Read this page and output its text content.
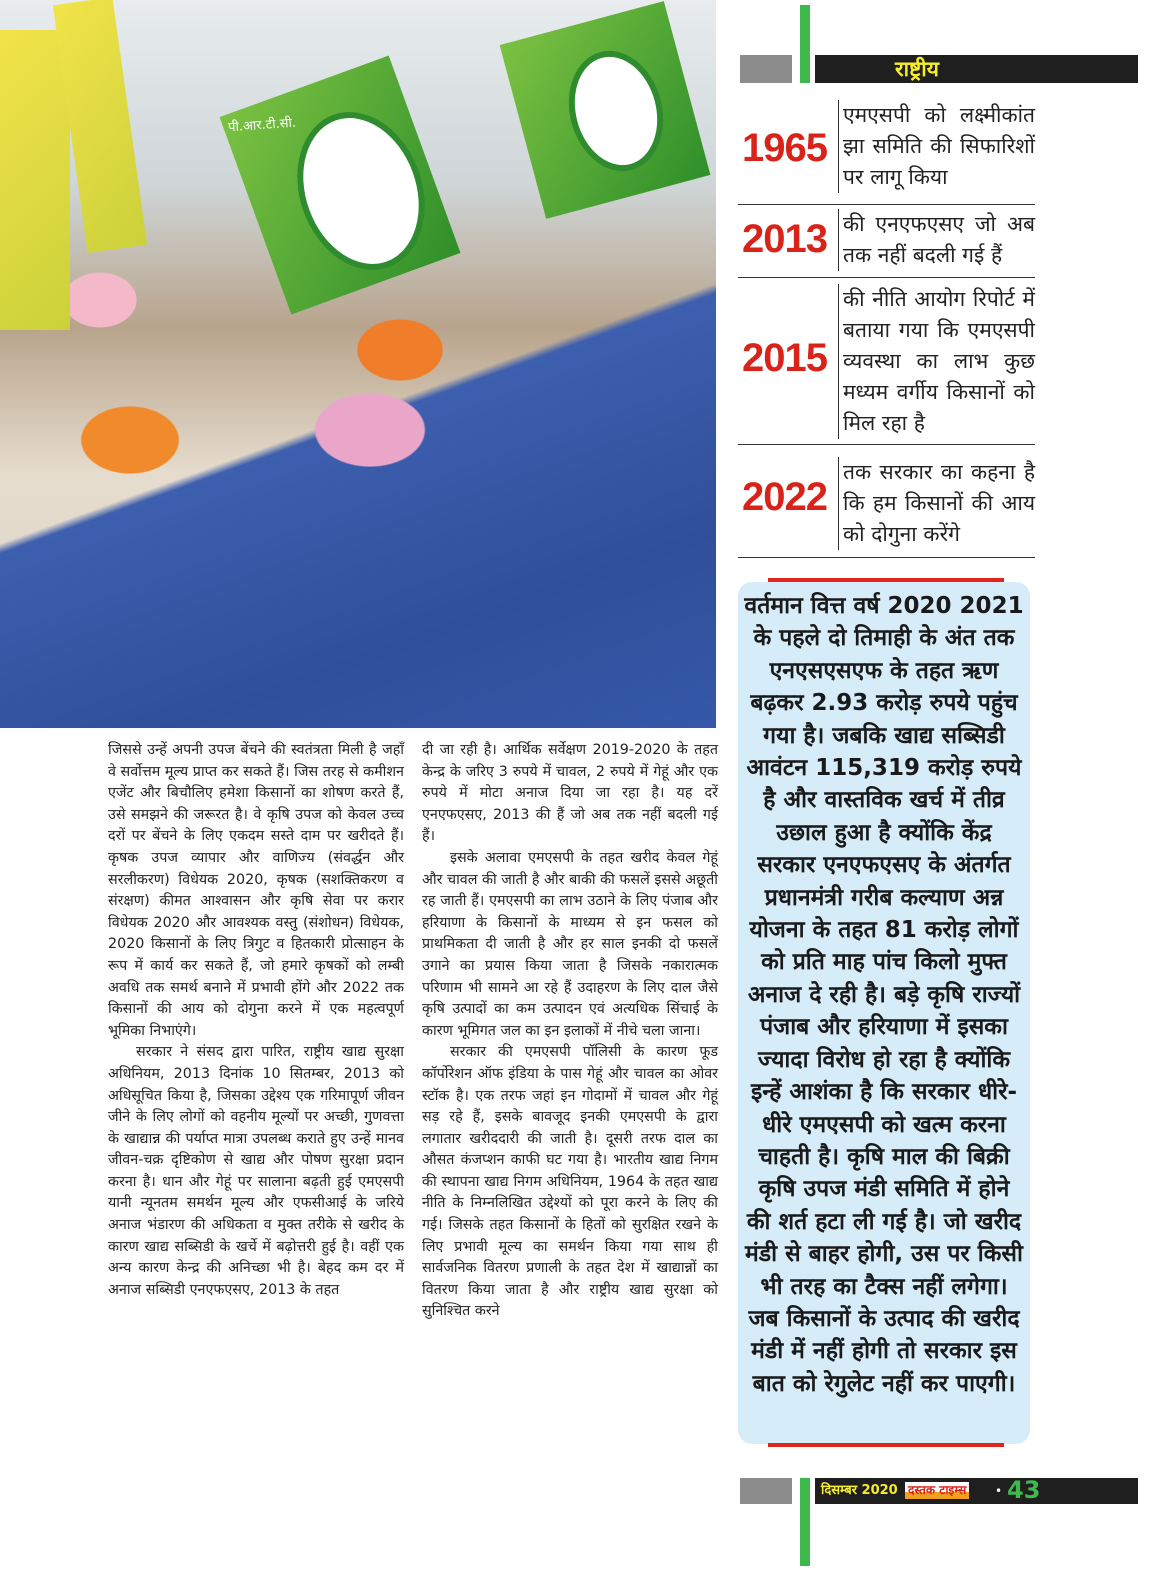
पी.आर.टी.सी.
राष्ट्रीय
1965
एमएसपी को लक्ष्मीकांत झा समिति की सिफारिशों पर लागू किया
2013 की एनएफएसए जो अब तक नहीं बदली गई हैं
2015
की नीति आयोग रिपोर्ट में बताया गया कि एमएसपी व्यवस्था का लाभ कुछ मध्यम वर्गीय किसानों को मिल रहा है
2022
तक सरकार का कहना है कि हम किसानों की आय को दोगुना करेंगे
वर्तमान वित्त वर्ष 2020 2021 के पहले दो तिमाही के अंत तक एनएसएसएफ के तहत ऋण बढ़कर 2.93 करोड़ रुपये पहुंच गया है। जबकि खाद्य सब्सिडी आवंटन 115,319 करोड़ रुपये है और वास्तविक खर्च में तीव्र उछाल हुआ है क्योंकि केंद्र सरकार एनएफएसए के अंतर्गत प्रधानमंत्री गरीब कल्याण अन्न योजना के तहत 81 करोड़ लोगों को प्रति माह पांच किलो मुफ्त अनाज दे रही है। बड़े कृषि राज्यों पंजाब और हरियाणा में इसका ज्यादा विरोध हो रहा है क्योंकि इन्हें आशंका है कि सरकार धीरे-धीरे एमएसपी को खत्म करना चाहती है। कृषि माल की बिक्री कृषि उपज मंडी समिति में होने की शर्त हटा ली गई है। जो खरीद मंडी से बाहर होगी, उस पर किसी भी तरह का टैक्स नहीं लगेगा। जब किसानों के उत्पाद की खरीद मंडी में नहीं होगी तो सरकार इस बात को रेगुलेट नहीं कर पाएगी।

जिससे उन्हें अपनी उपज बेंचने की स्वतंत्रता मिली है जहाँ वे सर्वोत्तम मूल्य प्राप्त कर सकते हैं। जिस तरह से कमीशन एजेंट और बिचौलिए हमेशा किसानों का शोषण करते हैं, उसे समझने की जरूरत है। वे कृषि उपज को केवल उच्च दरों पर बेंचने के लिए एकदम सस्ते दाम पर खरीदते हैं। कृषक उपज व्यापार और वाणिज्य (संवर्द्धन और सरलीकरण) विधेयक 2020, कृषक (सशक्तिकरण व संरक्षण) कीमत आश्वासन और कृषि सेवा पर करार विधेयक 2020 और आवश्यक वस्तु (संशोधन) विधेयक, 2020 किसानों के लिए त्रिगुट व हितकारी प्रोत्साहन के रूप में कार्य कर सकते हैं, जो हमारे कृषकों को लम्बी अवधि तक समर्थ बनाने में प्रभावी होंगे और 2022 तक किसानों की आय को दोगुना करने में एक महत्वपूर्ण भूमिका निभाएंगे।

सरकार ने संसद द्वारा पारित, राष्ट्रीय खाद्य सुरक्षा अधिनियम, 2013 दिनांक 10 सितम्बर, 2013 को अधिसूचित किया है, जिसका उद्देश्य एक गरिमापूर्ण जीवन जीने के लिए लोगों को वहनीय मूल्यों पर अच्छी, गुणवत्ता के खाद्यान्न की पर्याप्त मात्रा उपलब्ध कराते हुए उन्हें मानव जीवन-चक्र दृष्टिकोण से खाद्य और पोषण सुरक्षा प्रदान करना है। धान और गेहूं पर सालाना बढ़ती हुई एमएसपी यानी न्यूनतम समर्थन मूल्य और एफसीआई के जरिये अनाज भंडारण की अधिकता व मुक्त तरीके से खरीद के कारण खाद्य सब्सिडी के खर्चे में बढ़ोत्तरी हुई है। वहीं एक अन्य कारण केन्द्र की अनिच्छा भी है। बेहद कम दर में अनाज सब्सिडी एनएफएसए, 2013 के तहत

दी जा रही है। आर्थिक सर्वेक्षण 2019-2020 के तहत केन्द्र के जरिए 3 रुपये में चावल, 2 रुपये में गेहूं और एक रुपये में मोटा अनाज दिया जा रहा है। यह दरें एनएफएसए, 2013 की हैं जो अब तक नहीं बदली गई हैं।

इसके अलावा एमएसपी के तहत खरीद केवल गेहूं और चावल की जाती है और बाकी की फसलें इससे अछूती रह जाती हैं। एमएसपी का लाभ उठाने के लिए पंजाब और हरियाणा के किसानों के माध्यम से इन फसल को प्राथमिकता दी जाती है और हर साल इनकी दो फसलें उगाने का प्रयास किया जाता है जिसके नकारात्मक परिणाम भी सामने आ रहे हैं उदाहरण के लिए दाल जैसे कृषि उत्पादों का कम उत्पादन एवं अत्यधिक सिंचाई के कारण भूमिगत जल का इन इलाकों में नीचे चला जाना।

सरकार की एमएसपी पॉलिसी के कारण फूड कॉर्पोरेशन ऑफ इंडिया के पास गेहूं और चावल का ओवर स्टॉक है। एक तरफ जहां इन गोदामों में चावल और गेहूं सड़ रहे हैं, इसके बावजूद इनकी एमएसपी के द्वारा लगातार खरीददारी की जाती है। दूसरी तरफ दाल का औसत कंजप्शन काफी घट गया है। भारतीय खाद्य निगम की स्थापना खाद्य निगम अधिनियम, 1964 के तहत खाद्य नीति के निम्नलिखित उद्देश्यों को पूरा करने के लिए की गई। जिसके तहत किसानों के हितों को सुरक्षित रखने के लिए प्रभावी मूल्य का समर्थन किया गया साथ ही सार्वजनिक वितरण प्रणाली के तहत देश में खाद्यान्नों का वितरण किया जाता है और राष्ट्रीय खाद्य सुरक्षा को सुनिश्चित करने

दिसम्बर 2020 दस्तक टाइम्स • 43
